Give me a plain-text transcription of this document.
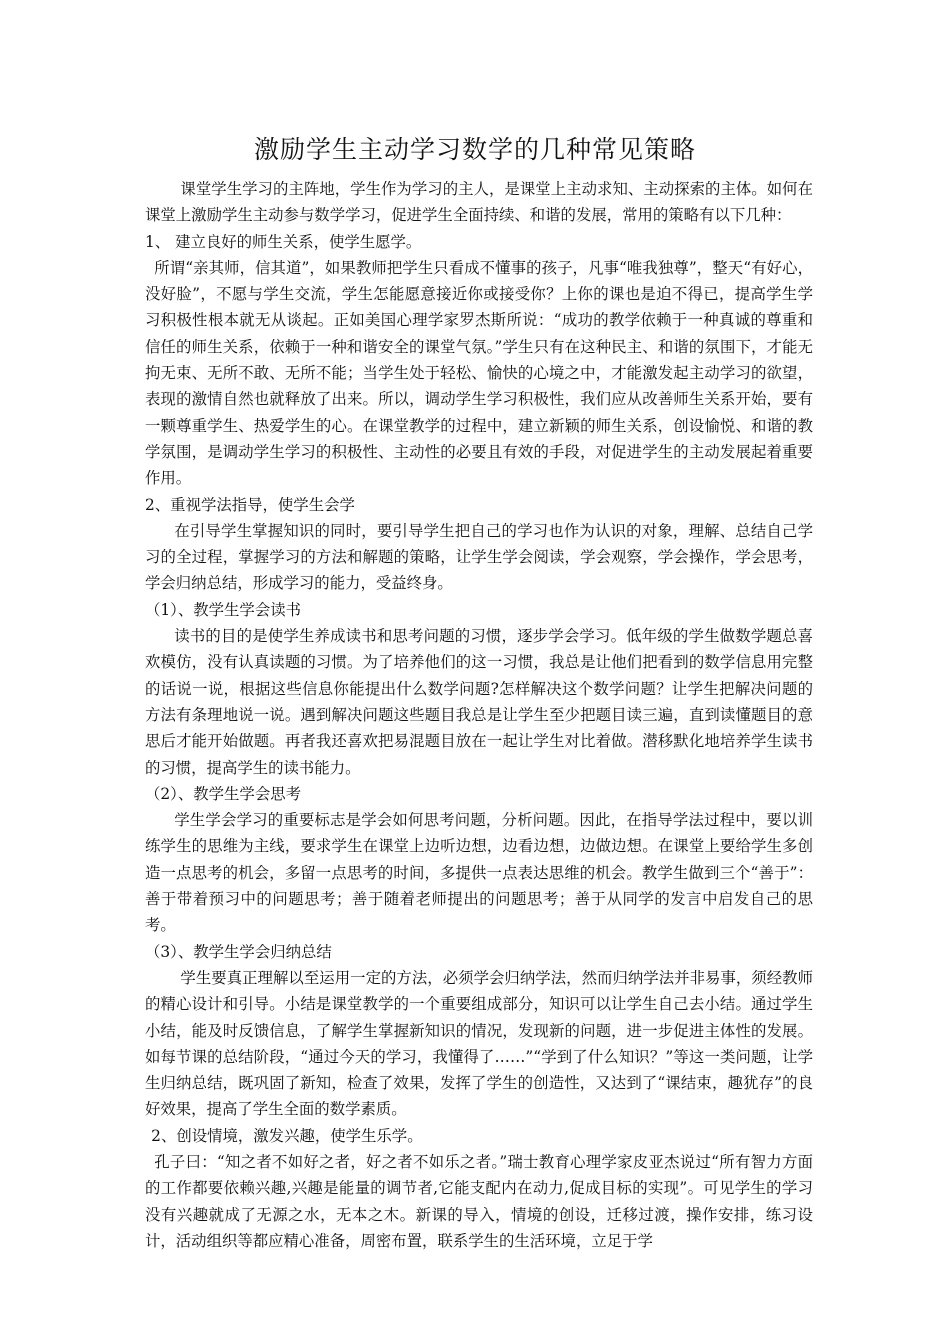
激励学生主动学习数学的几种常见策略

课堂学生学习的主阵地，学生作为学习的主人，是课堂上主动求知、主动探索的主体。如何在课堂上激励学生主动参与数学学习，促进学生全面持续、和谐的发展，常用的策略有以下几种：

1、 建立良好的师生关系，使学生愿学。

所谓“亲其师，信其道”，如果教师把学生只看成不懂事的孩子，凡事“唯我独尊”，整天“有好心，没好脸”，不愿与学生交流，学生怎能愿意接近你或接受你？上你的课也是迫不得已，提高学生学习积极性根本就无从谈起。正如美国心理学家罗杰斯所说：“成功的教学依赖于一种真诚的尊重和信任的师生关系，依赖于一种和谐安全的课堂气氛。”学生只有在这种民主、和谐的氛围下，才能无拘无束、无所不敢、无所不能；当学生处于轻松、愉快的心境之中，才能激发起主动学习的欲望，表现的激情自然也就释放了出来。所以，调动学生学习积极性，我们应从改善师生关系开始，要有一颗尊重学生、热爱学生的心。在课堂教学的过程中，建立新颖的师生关系，创设愉悦、和谐的教学氛围，是调动学生学习的积极性、主动性的必要且有效的手段，对促进学生的主动发展起着重要作用。

2、重视学法指导，使学生会学

在引导学生掌握知识的同时，要引导学生把自己的学习也作为认识的对象，理解、总结自己学习的全过程，掌握学习的方法和解题的策略，让学生学会阅读，学会观察，学会操作，学会思考，学会归纳总结，形成学习的能力，受益终身。

（1）、教学生学会读书

读书的目的是使学生养成读书和思考问题的习惯，逐步学会学习。低年级的学生做数学题总喜欢模仿，没有认真读题的习惯。为了培养他们的这一习惯，我总是让他们把看到的数学信息用完整的话说一说，根据这些信息你能提出什么数学问题?怎样解决这个数学问题？让学生把解决问题的方法有条理地说一说。遇到解决问题这些题目我总是让学生至少把题目读三遍，直到读懂题目的意思后才能开始做题。再者我还喜欢把易混题目放在一起让学生对比着做。潜移默化地培养学生读书的习惯，提高学生的读书能力。

（2）、教学生学会思考

学生学会学习的重要标志是学会如何思考问题，分析问题。因此，在指导学法过程中，要以训练学生的思维为主线，要求学生在课堂上边听边想，边看边想，边做边想。在课堂上要给学生多创造一点思考的机会，多留一点思考的时间，多提供一点表达思维的机会。教学生做到三个“善于”：善于带着预习中的问题思考；善于随着老师提出的问题思考；善于从同学的发言中启发自己的思考。

（3）、教学生学会归纳总结

学生要真正理解以至运用一定的方法，必须学会归纳学法，然而归纳学法并非易事，须经教师的精心设计和引导。小结是课堂教学的一个重要组成部分，知识可以让学生自己去小结。通过学生小结，能及时反馈信息，了解学生掌握新知识的情况，发现新的问题，进一步促进主体性的发展。如每节课的总结阶段，“通过今天的学习，我懂得了……”“学到了什么知识？”等这一类问题，让学生归纳总结，既巩固了新知，检查了效果，发挥了学生的创造性，又达到了“课结束，趣犹存”的良好效果，提高了学生全面的数学素质。

2、创设情境，激发兴趣，使学生乐学。

孔子曰：“知之者不如好之者，好之者不如乐之者。”瑞士教育心理学家皮亚杰说过“所有智力方面的工作都要依赖兴趣,兴趣是能量的调节者,它能支配内在动力,促成目标的实现”。可见学生的学习没有兴趣就成了无源之水，无本之木。新课的导入，情境的创设，迁移过渡，操作安排，练习设计，活动组织等都应精心准备，周密布置，联系学生的生活环境，立足于学
